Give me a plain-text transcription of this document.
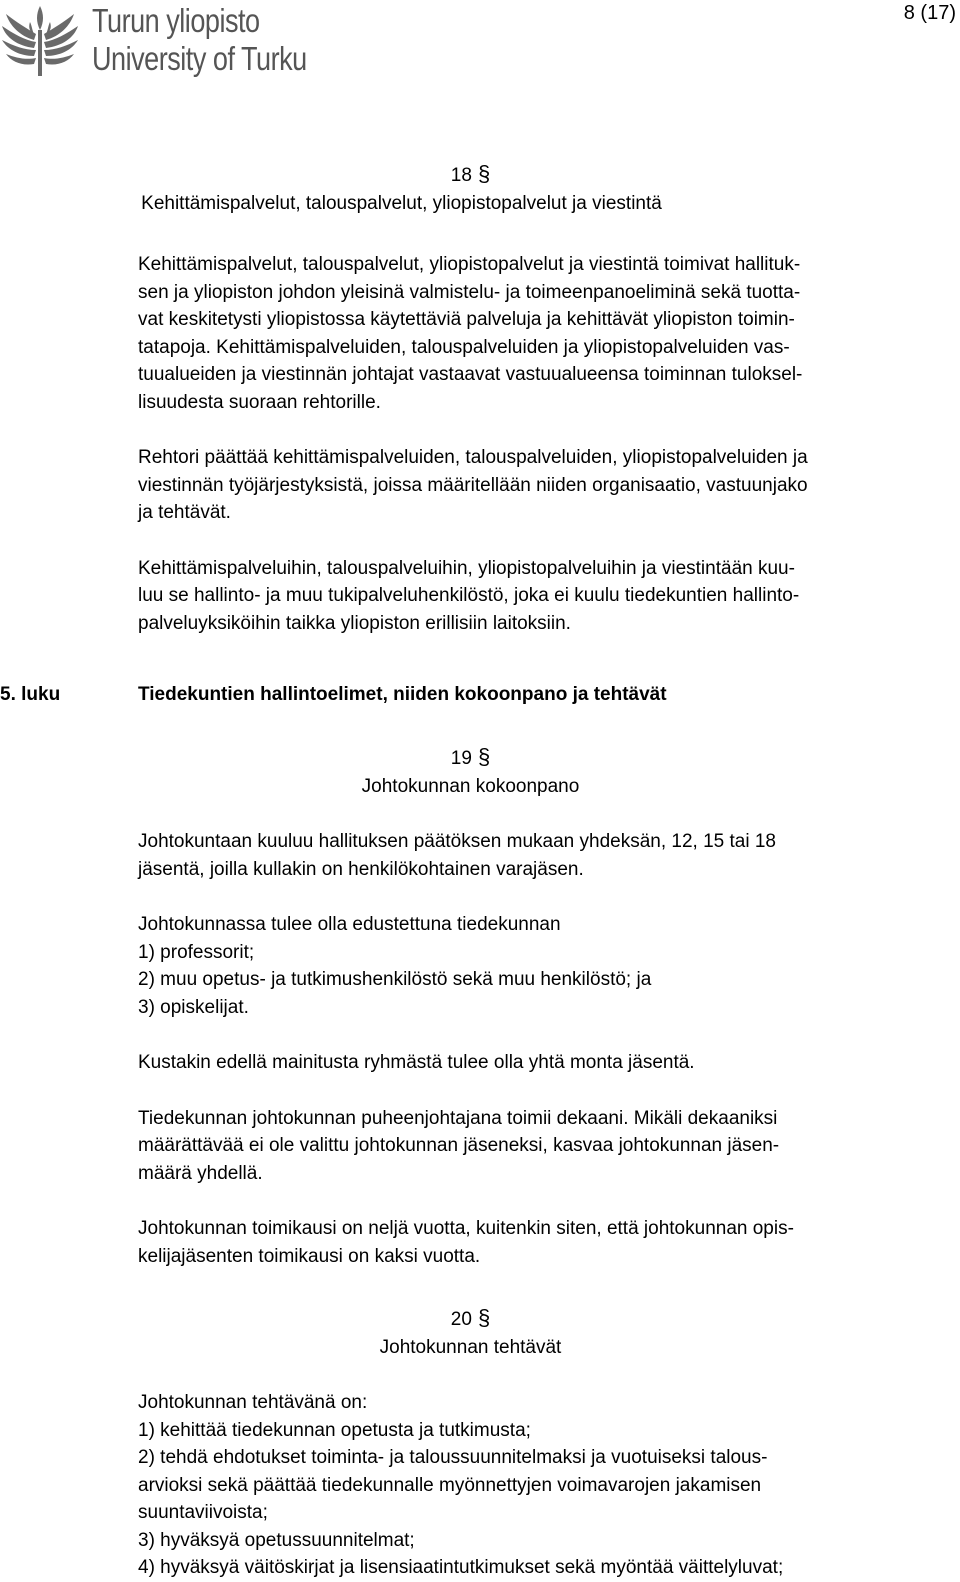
Turun yliopisto
University of Turku
8 (17)
18 §
Kehittämispalvelut, talouspalvelut, yliopistopalvelut ja viestintä
Kehittämispalvelut, talouspalvelut, yliopistopalvelut ja viestintä toimivat hallituk-
sen ja yliopiston johdon yleisinä valmistelu- ja toimeenpanoeliminä sekä tuotta-
vat keskitetysti yliopistossa käytettäviä palveluja ja kehittävät yliopiston toimin-
tatapoja. Kehittämispalveluiden, talouspalveluiden ja yliopistopalveluiden vas-
tuualueiden ja viestinnän johtajat vastaavat vastuualueensa toiminnan tuloksel-
lisuudesta suoraan rehtorille.
Rehtori päättää kehittämispalveluiden, talouspalveluiden, yliopistopalveluiden ja
viestinnän työjärjestyksistä, joissa määritellään niiden organisaatio, vastuunjako
ja tehtävät.
Kehittämispalveluihin, talouspalveluihin, yliopistopalveluihin ja viestintään kuu-
luu se hallinto- ja muu tukipalveluhenkilöstö, joka ei kuulu tiedekuntien hallinto-
palveluyksiköihin taikka yliopiston erillisiin laitoksiin.
5. luku	Tiedekuntien hallintoelimet, niiden kokoonpano ja tehtävät
19 §
Johtokunnan kokoonpano
Johtokuntaan kuuluu hallituksen päätöksen mukaan yhdeksän, 12, 15 tai 18
jäsentä, joilla kullakin on henkilökohtainen varajäsen.
Johtokunnassa tulee olla edustettuna tiedekunnan
1) professorit;
2) muu opetus- ja tutkimushenkilöstö sekä muu henkilöstö; ja
3) opiskelijat.
Kustakin edellä mainitusta ryhmästä tulee olla yhtä monta jäsentä.
Tiedekunnan johtokunnan puheenjohtajana toimii dekaani. Mikäli dekaaniksi
määrättävää ei ole valittu johtokunnan jäseneksi, kasvaa johtokunnan jäsen-
määrä yhdellä.
Johtokunnan toimikausi on neljä vuotta, kuitenkin siten, että johtokunnan opis-
kelijajäsenten toimikausi on kaksi vuotta.
20 §
Johtokunnan tehtävät
Johtokunnan tehtävänä on:
1) kehittää tiedekunnan opetusta ja tutkimusta;
2) tehdä ehdotukset toiminta- ja taloussuunnitelmaksi ja vuotuiseksi talous-
arvioksi sekä päättää tiedekunnalle myönnettyjen voimavarojen jakamisen
suuntaviivoista;
3) hyväksyä opetussuunnitelmat;
4) hyväksyä väitöskirjat ja lisensiaatintutkimukset sekä myöntää väittelyluvat;
